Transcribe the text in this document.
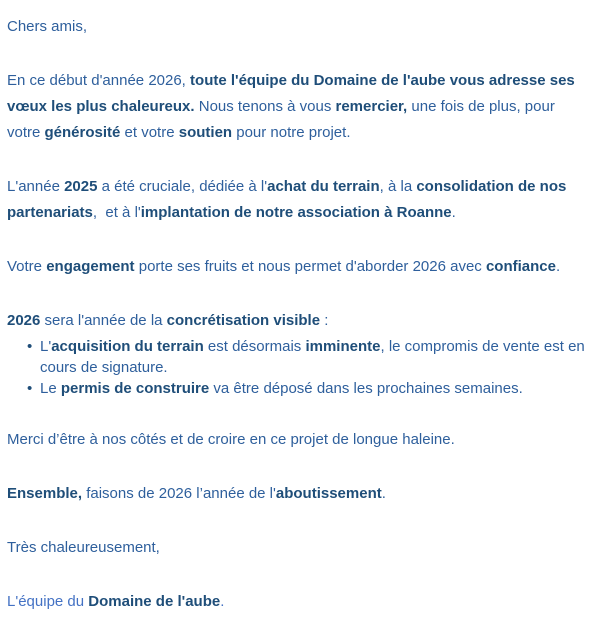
Chers amis,

En ce début d'année 2026, toute l'équipe du Domaine de l'aube vous adresse ses vœux les plus chaleureux. Nous tenons à vous remercier, une fois de plus, pour votre générosité et votre soutien pour notre projet.

L'année 2025 a été cruciale, dédiée à l'achat du terrain, à la consolidation de nos partenariats,  et à l'implantation de notre association à Roanne.

Votre engagement porte ses fruits et nous permet d'aborder 2026 avec confiance.

2026 sera l'année de la concrétisation visible :

• L'acquisition du terrain est désormais imminente, le compromis de vente est en cours de signature.
• Le permis de construire va être déposé dans les prochaines semaines.

Merci d’être à nos côtés et de croire en ce projet de longue haleine.

Ensemble, faisons de 2026 l’année de l'aboutissement.

Très chaleureusement,

L'équipe du Domaine de l'aube.
